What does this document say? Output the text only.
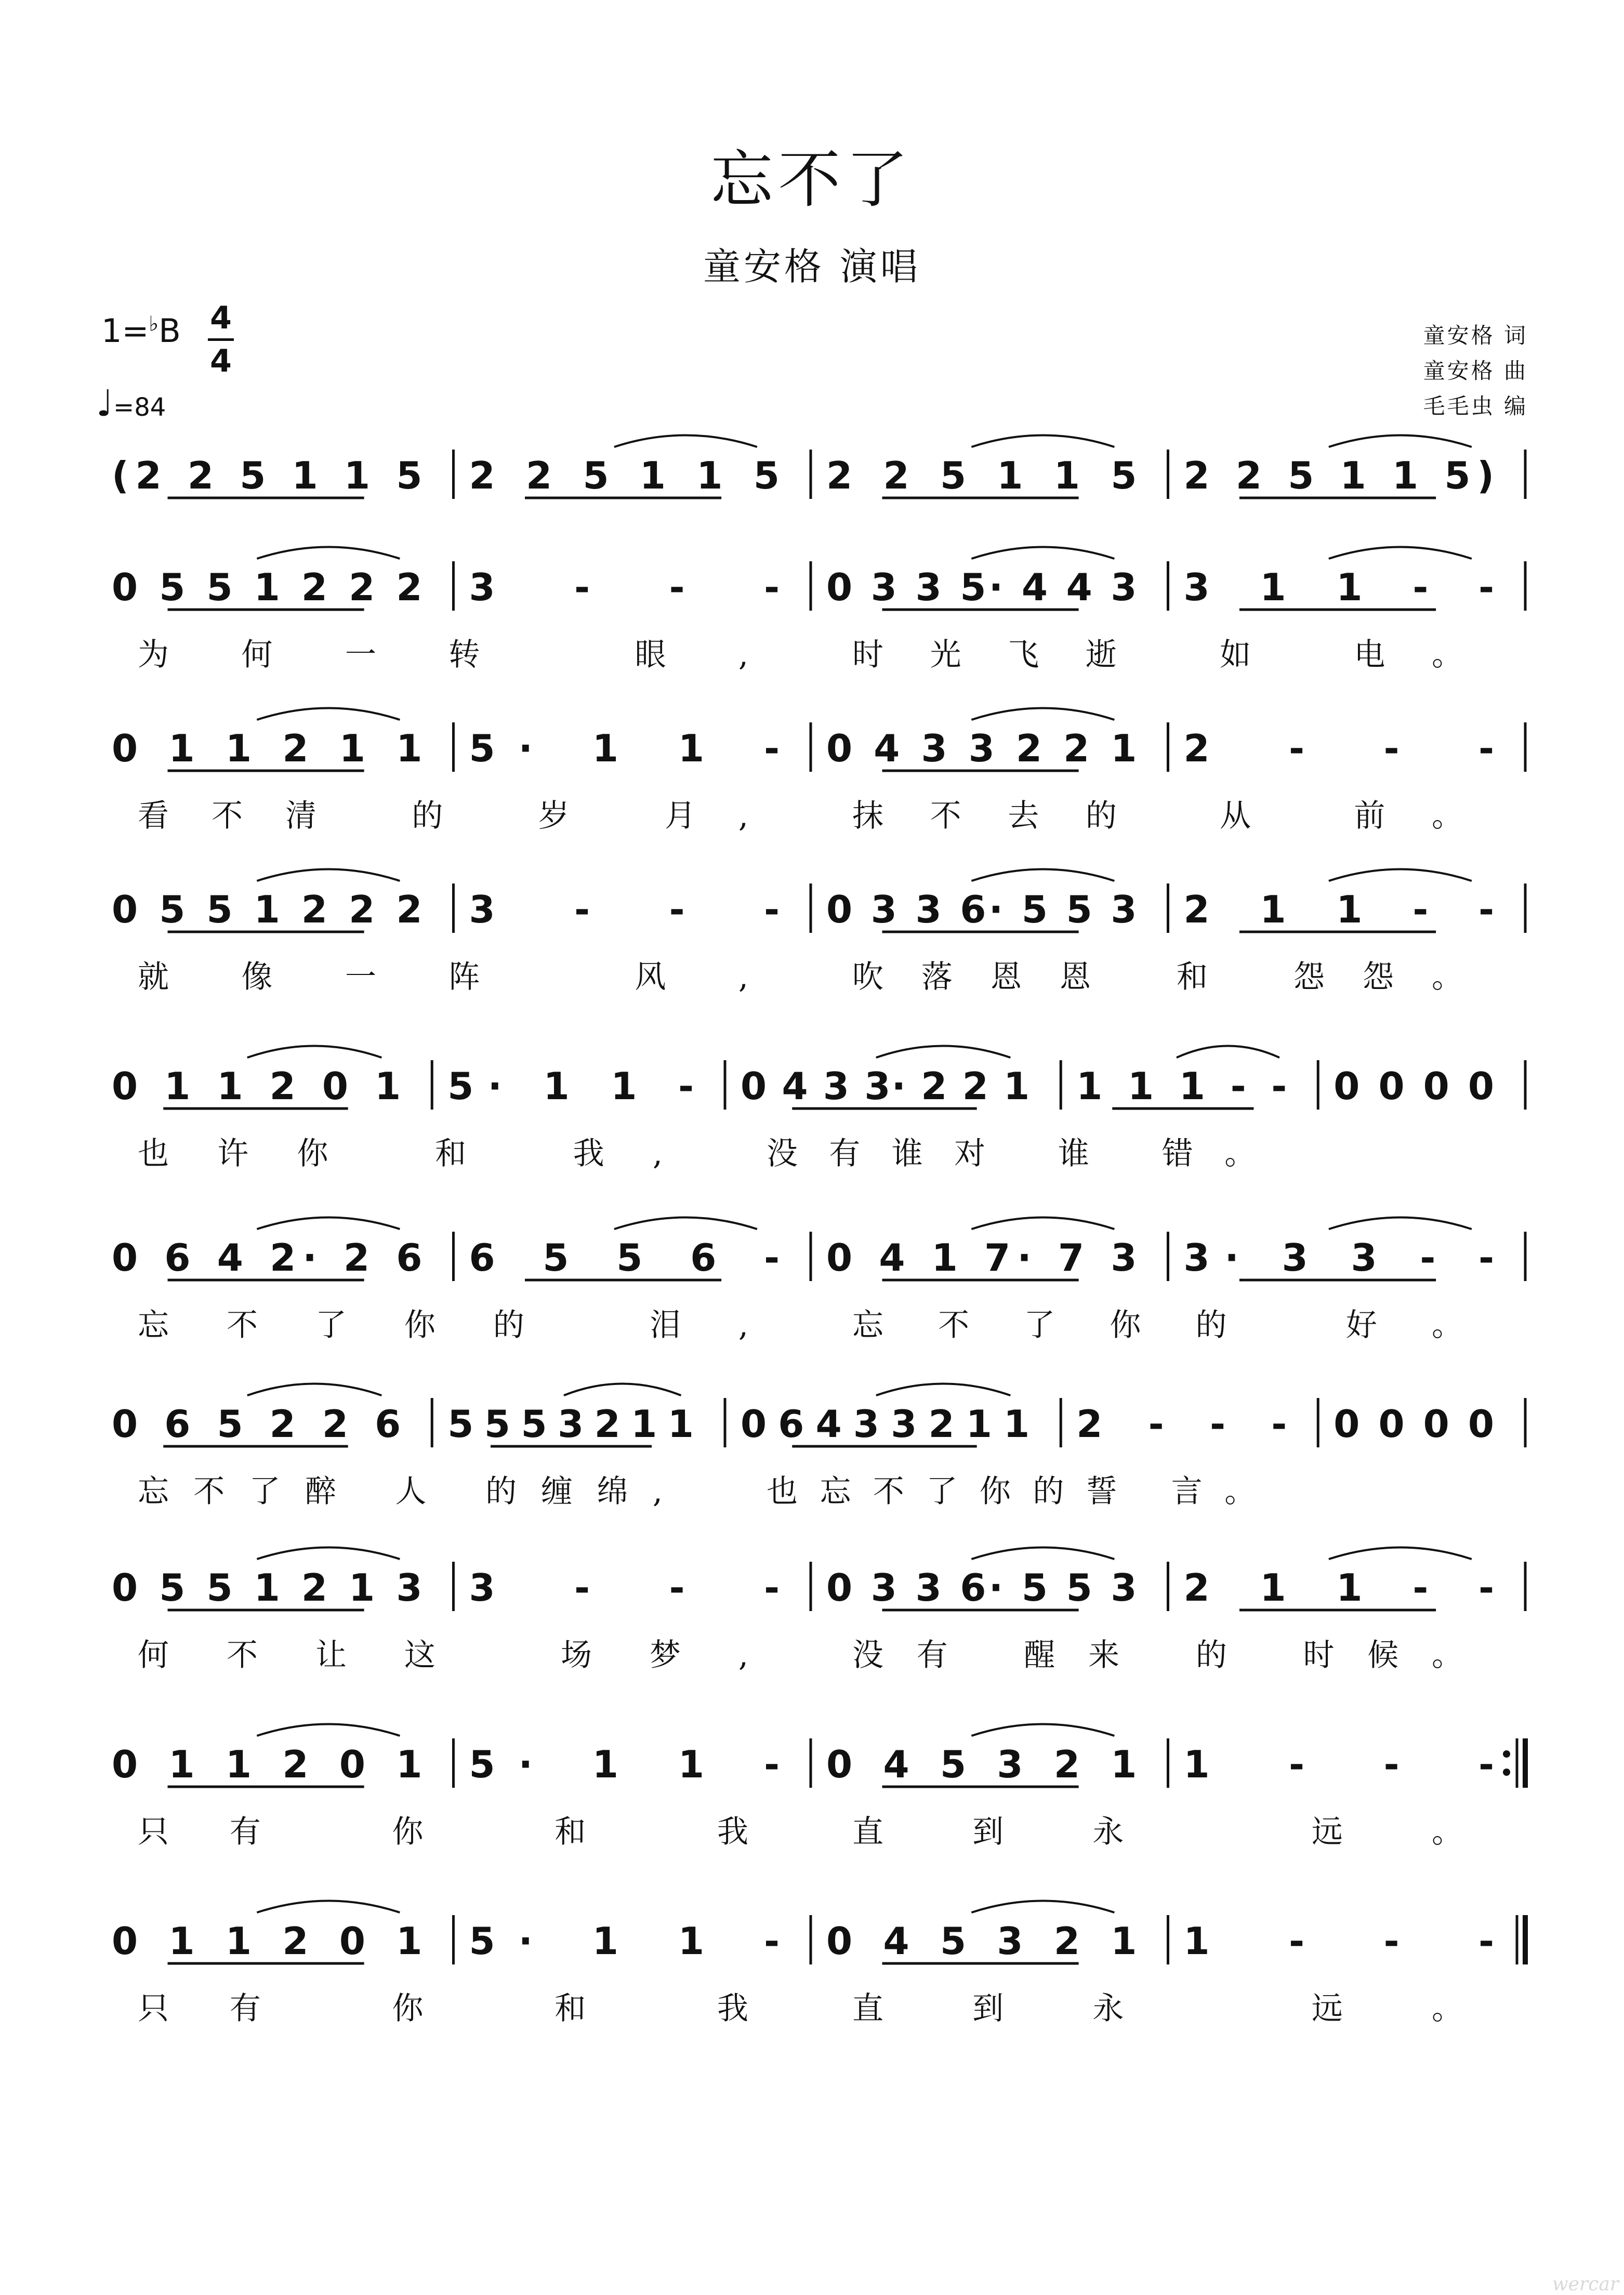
忘不了
童安格 演唱
1=♭B 4
4
♩=84
童安格 词
童安格 曲
毛毛虫 编
(2 2 5 1 1 5 2 2 5 1 1 5 2 2 5 1 1 5 2 2 5 1 1 5)
0 5 5 1 2 2 2 3 - - - 0 3 3 5· 4 4 3 3 1 1 - -
为何一转 眼,	时光飞逝 如 电。
0 1 1 2 1 1 5· 1 1 - 0 4 3 3 2 2 1 2 - - -
看不清 的 岁 月,	抹不去的 从 前。
0 5 5 1 2 2 2 3 - - - 0 3 3 6· 5 5 3 2 1 1 - -
就像一阵 风,	吹落恩恩 和 怨怨。
0 1 1 2 0 1 5· 1 1 - 0 4 3 3· 2 2 1 1 1 1 - - 0 0 0 0
也许你 和 我,	没有谁对 谁 错。
0 6 4 2· 2 6 6 5 5 6 - 0 4 1 7· 7 3 3· 3 3 - -
忘不了你的 泪,	忘不了你的 好。
0 6 5 2 2 6 5 5 5 3 2 1 1 0 6 4 3 3 2 1 1 2 - - - 0 0 0 0
忘不了醉 人 的缠绵,	也忘不了你的誓 言。
0 5 5 1 2 1 3 3 - - - 0 3 3 6· 5 5 3 2 1 1 - -
何不让这 场梦,	没有 醒来 的 时候。
0 1 1 2 0 1 5· 1 1 - 0 4 5 3 2 1 1 - - -
只有 你 和 我	直到永 远。
0 1 1 2 0 1 5· 1 1 - 0 4 5 3 2 1 1 - - -
只有 你 和 我	直到永 远。
wercar
